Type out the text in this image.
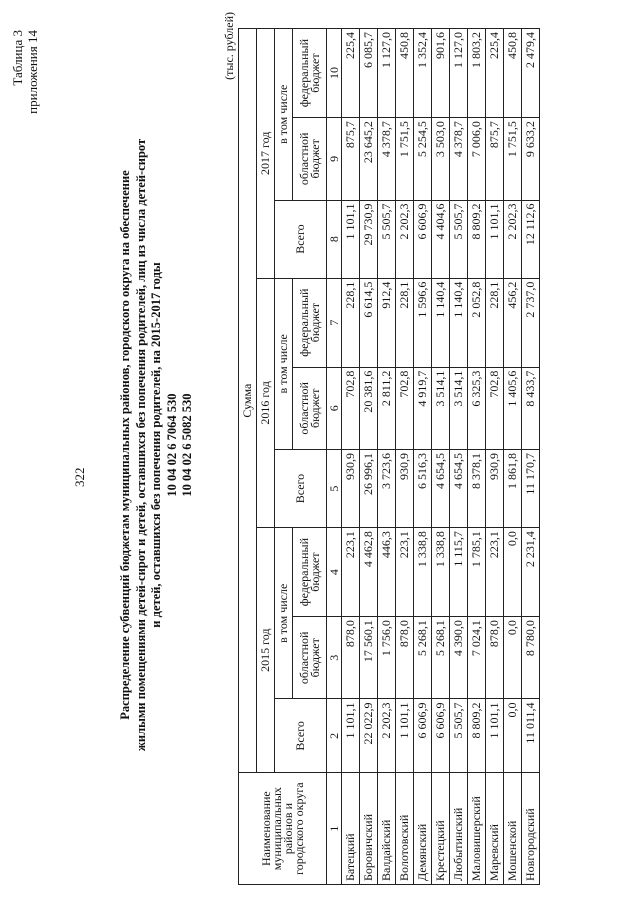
322
Таблица 3 приложения 14
Распределение субвенций бюджетам муниципальных районов, городского округа на обеспечение жилыми помещениями детей-сирот и детей, оставшихся без попечения родителей, лиц из числа детей-сирот и детей, оставшихся без попечения родителей, на 2015-2017 годы 10 04 02 6 7064 530 10 04 02 6 5082 530
(тыс. рублей)
Наименование муниципальных районов и городского округа	Сумма								
	2015 год			2016 год			2017 год		
	Всего	в том числе		Всего	в том числе		Всего	в том числе	
		областной бюджет	федеральный бюджет		областной бюджет	федеральный бюджет		областной бюджет	федеральный бюджет
1	2	3	4	5	6	7	8	9	10
Батецкий	1 101,1	878,0	223,1	930,9	702,8	228,1	1 101,1	875,7	225,4
Боровичский	22 022,9	17 560,1	4 462,8	26 996,1	20 381,6	6 614,5	29 730,9	23 645,2	6 085,7
Валдайский	2 202,3	1 756,0	446,3	3 723,6	2 811,2	912,4	5 505,7	4 378,7	1 127,0
Волотовский	1 101,1	878,0	223,1	930,9	702,8	228,1	2 202,3	1 751,5	450,8
Демянский	6 606,9	5 268,1	1 338,8	6 516,3	4 919,7	1 596,6	6 606,9	5 254,5	1 352,4
Крестецкий	6 606,9	5 268,1	1 338,8	4 654,5	3 514,1	1 140,4	4 404,6	3 503,0	901,6
Любытинский	5 505,7	4 390,0	1 115,7	4 654,5	3 514,1	1 140,4	5 505,7	4 378,7	1 127,0
Маловишерский	8 809,2	7 024,1	1 785,1	8 378,1	6 325,3	2 052,8	8 809,2	7 006,0	1 803,2
Маревский	1 101,1	878,0	223,1	930,9	702,8	228,1	1 101,1	875,7	225,4
Мошенской	0,0	0,0	0,0	1 861,8	1 405,6	456,2	2 202,3	1 751,5	450,8
Новгородский	11 011,4	8 780,0	2 231,4	11 170,7	8 433,7	2 737,0	12 112,6	9 633,2	2 479,4
